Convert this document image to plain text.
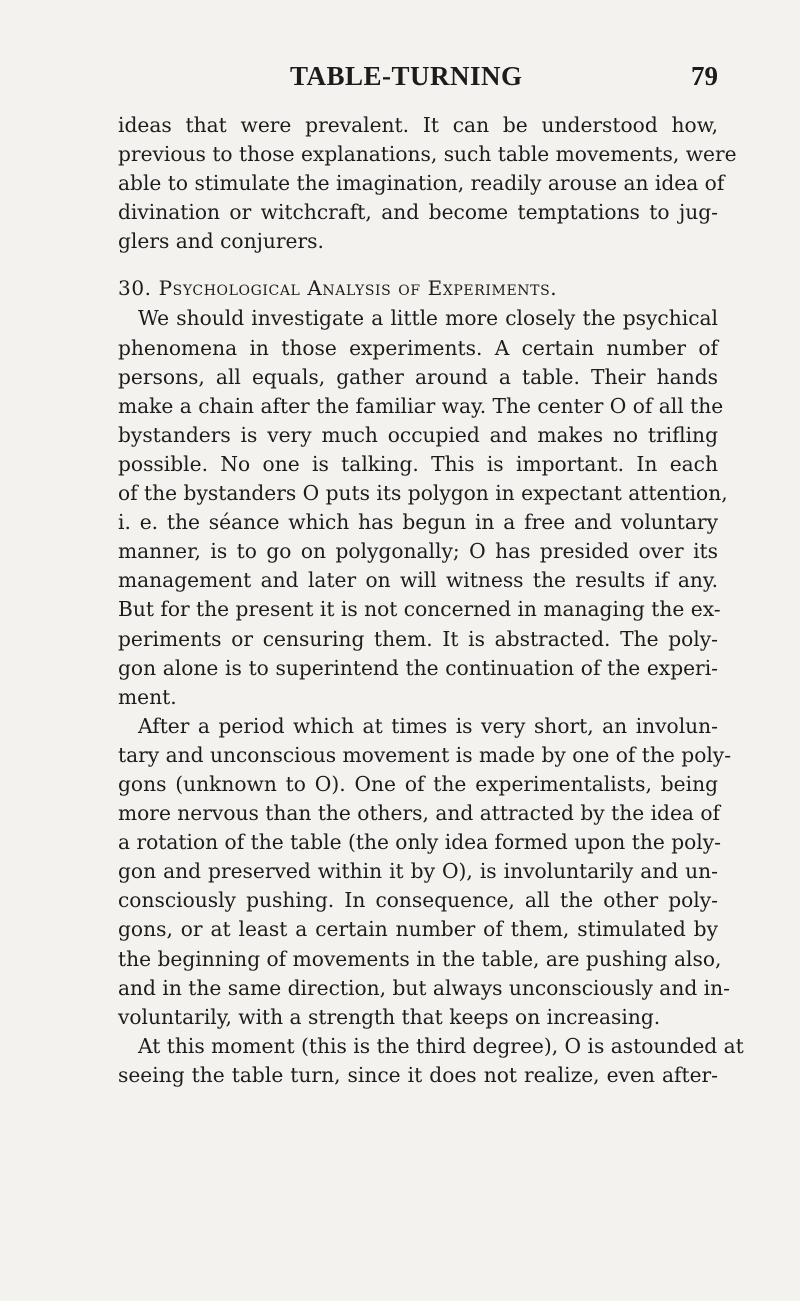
TABLE-TURNING	79
ideas that were prevalent. It can be understood how,
previous to those explanations, such table movements, were
able to stimulate the imagination, readily arouse an idea of
divination or witchcraft, and become temptations to jug-
glers and conjurers.
30. Psychological Analysis of Experiments.
We should investigate a little more closely the psychical
phenomena in those experiments. A certain number of
persons, all equals, gather around a table. Their hands
make a chain after the familiar way. The center O of all the
bystanders is very much occupied and makes no trifling
possible. No one is talking. This is important. In each
of the bystanders O puts its polygon in expectant attention,
i. e. the séance which has begun in a free and voluntary
manner, is to go on polygonally; O has presided over its
management and later on will witness the results if any.
But for the present it is not concerned in managing the ex-
periments or censuring them. It is abstracted. The poly-
gon alone is to superintend the continuation of the experi-
ment.
After a period which at times is very short, an involun-
tary and unconscious movement is made by one of the poly-
gons (unknown to O). One of the experimentalists, being
more nervous than the others, and attracted by the idea of
a rotation of the table (the only idea formed upon the poly-
gon and preserved within it by O), is involuntarily and un-
consciously pushing. In consequence, all the other poly-
gons, or at least a certain number of them, stimulated by
the beginning of movements in the table, are pushing also,
and in the same direction, but always unconsciously and in-
voluntarily, with a strength that keeps on increasing.
At this moment (this is the third degree), O is astounded at
seeing the table turn, since it does not realize, even after-
